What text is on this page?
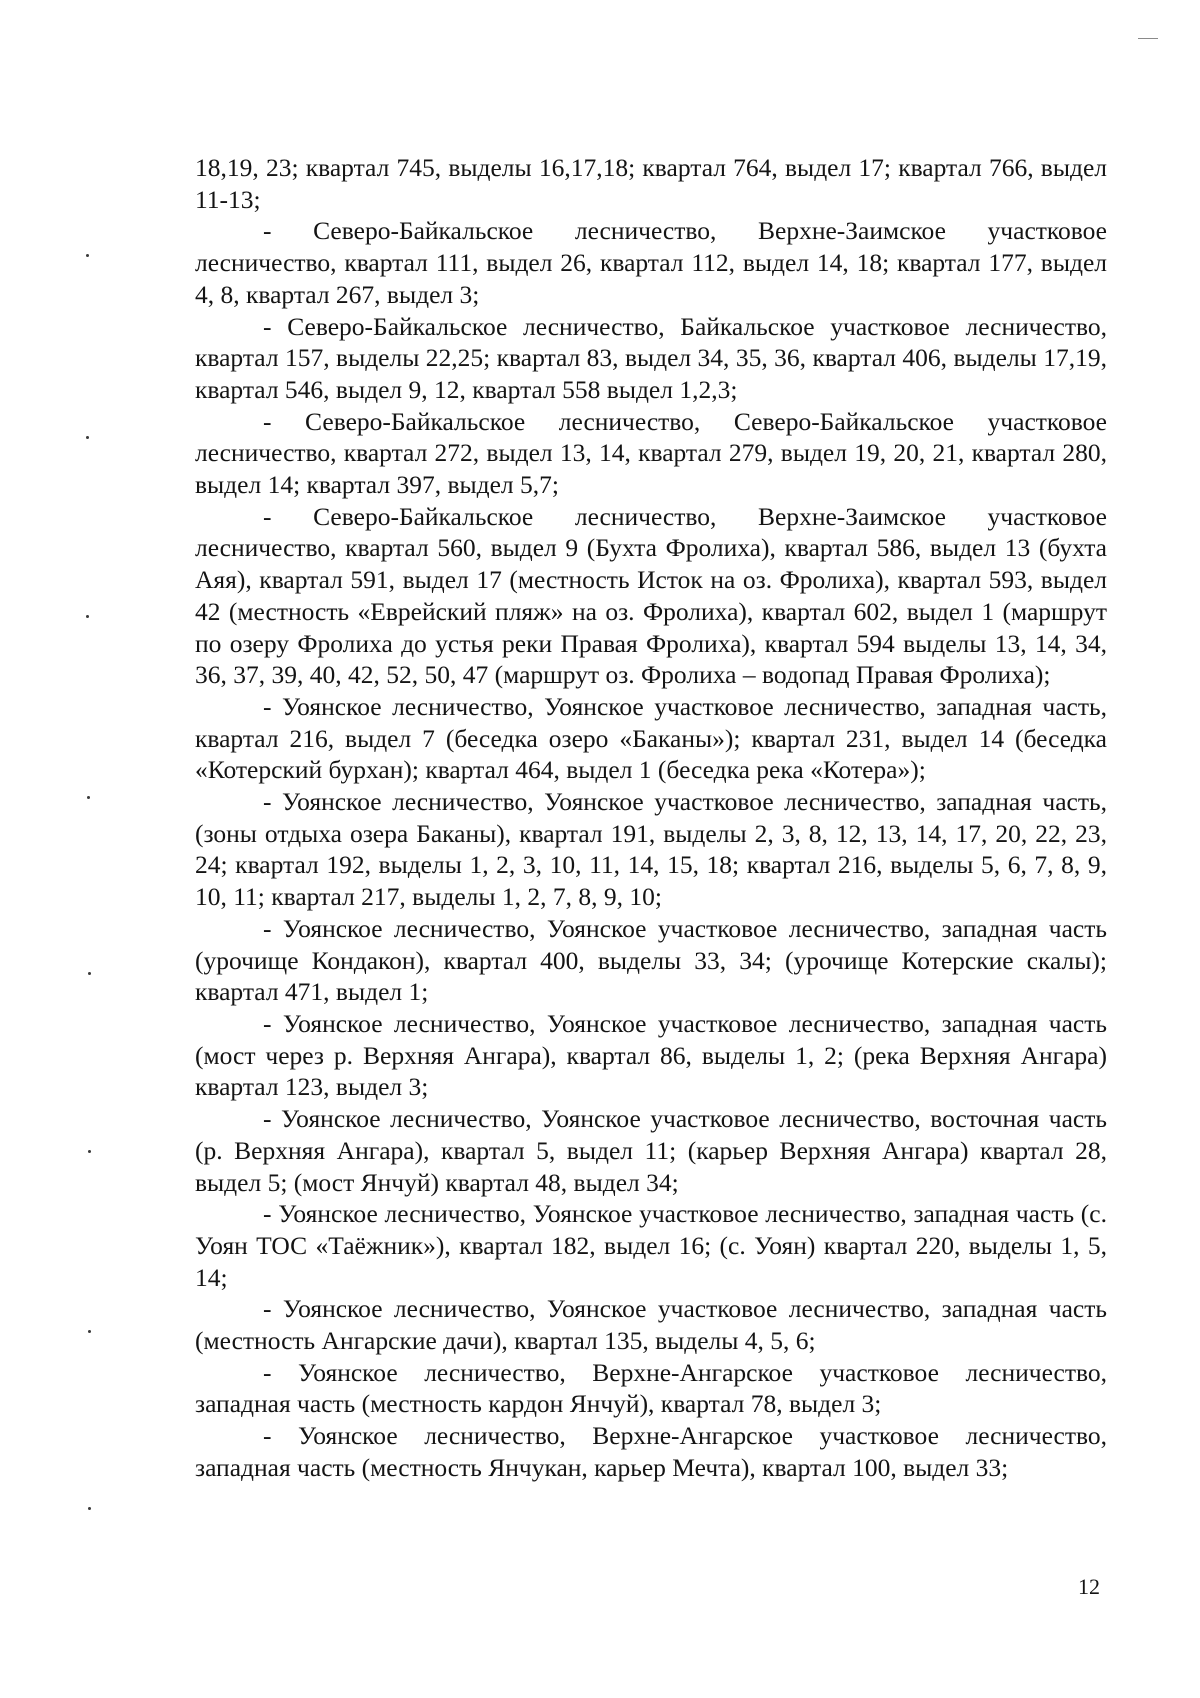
18,19, 23; квартал 745, выделы 16,17,18; квартал 764, выдел 17; квартал 766, выдел 11-13;

- Северо-Байкальское лесничество, Верхне-Заимское участковое лесничество, квартал 111, выдел 26, квартал 112, выдел 14, 18; квартал 177, выдел 4, 8, квартал 267, выдел 3;

- Северо-Байкальское лесничество, Байкальское участковое лесничество, квартал 157, выделы 22,25; квартал 83, выдел 34, 35, 36, квартал 406, выделы 17,19, квартал 546, выдел 9, 12, квартал 558 выдел 1,2,3;

- Северо-Байкальское лесничество, Северо-Байкальское участковое лесничество, квартал 272, выдел 13, 14, квартал 279, выдел 19, 20, 21, квартал 280, выдел 14; квартал 397, выдел 5,7;

- Северо-Байкальское лесничество, Верхне-Заимское участковое лесничество, квартал 560, выдел 9 (Бухта Фролиха), квартал 586, выдел 13 (бухта Аяя), квартал 591, выдел 17 (местность Исток на оз. Фролиха), квартал 593, выдел 42 (местность «Еврейский пляж» на оз. Фролиха), квартал 602, выдел 1 (маршрут по озеру Фролиха до устья реки Правая Фролиха), квартал 594 выделы 13, 14, 34, 36, 37, 39, 40, 42, 52, 50, 47 (маршрут оз. Фролиха – водопад Правая Фролиха);

- Уоянское лесничество, Уоянское участковое лесничество, западная часть, квартал 216, выдел 7 (беседка озеро «Баканы»); квартал 231, выдел 14 (беседка «Котерский бурхан); квартал 464, выдел 1 (беседка река «Котера»);

- Уоянское лесничество, Уоянское участковое лесничество, западная часть, (зоны отдыха озера Баканы), квартал 191, выделы 2, 3, 8, 12, 13, 14, 17, 20, 22, 23, 24; квартал 192, выделы 1, 2, 3, 10, 11, 14, 15, 18; квартал 216, выделы 5, 6, 7, 8, 9, 10, 11; квартал 217, выделы 1, 2, 7, 8, 9, 10;

- Уоянское лесничество, Уоянское участковое лесничество, западная часть (урочище Кондакон), квартал 400, выделы 33, 34; (урочище Котерские скалы); квартал 471, выдел 1;

- Уоянское лесничество, Уоянское участковое лесничество, западная часть (мост через р. Верхняя Ангара), квартал 86, выделы 1, 2; (река Верхняя Ангара) квартал 123, выдел 3;

- Уоянское лесничество, Уоянское участковое лесничество, восточная часть (р. Верхняя Ангара), квартал 5, выдел 11; (карьер Верхняя Ангара) квартал 28, выдел 5; (мост Янчуй) квартал 48, выдел 34;

- Уоянское лесничество, Уоянское участковое лесничество, западная часть (с. Уоян ТОС «Таёжник»), квартал 182, выдел 16; (с. Уоян) квартал 220, выделы 1, 5, 14;

- Уоянское лесничество, Уоянское участковое лесничество, западная часть (местность Ангарские дачи), квартал 135, выделы 4, 5, 6;

- Уоянское лесничество, Верхне-Ангарское участковое лесничество, западная часть (местность кардон Янчуй), квартал 78, выдел 3;

- Уоянское лесничество, Верхне-Ангарское участковое лесничество, западная часть (местность Янчукан, карьер Мечта), квартал 100, выдел 33;

12
